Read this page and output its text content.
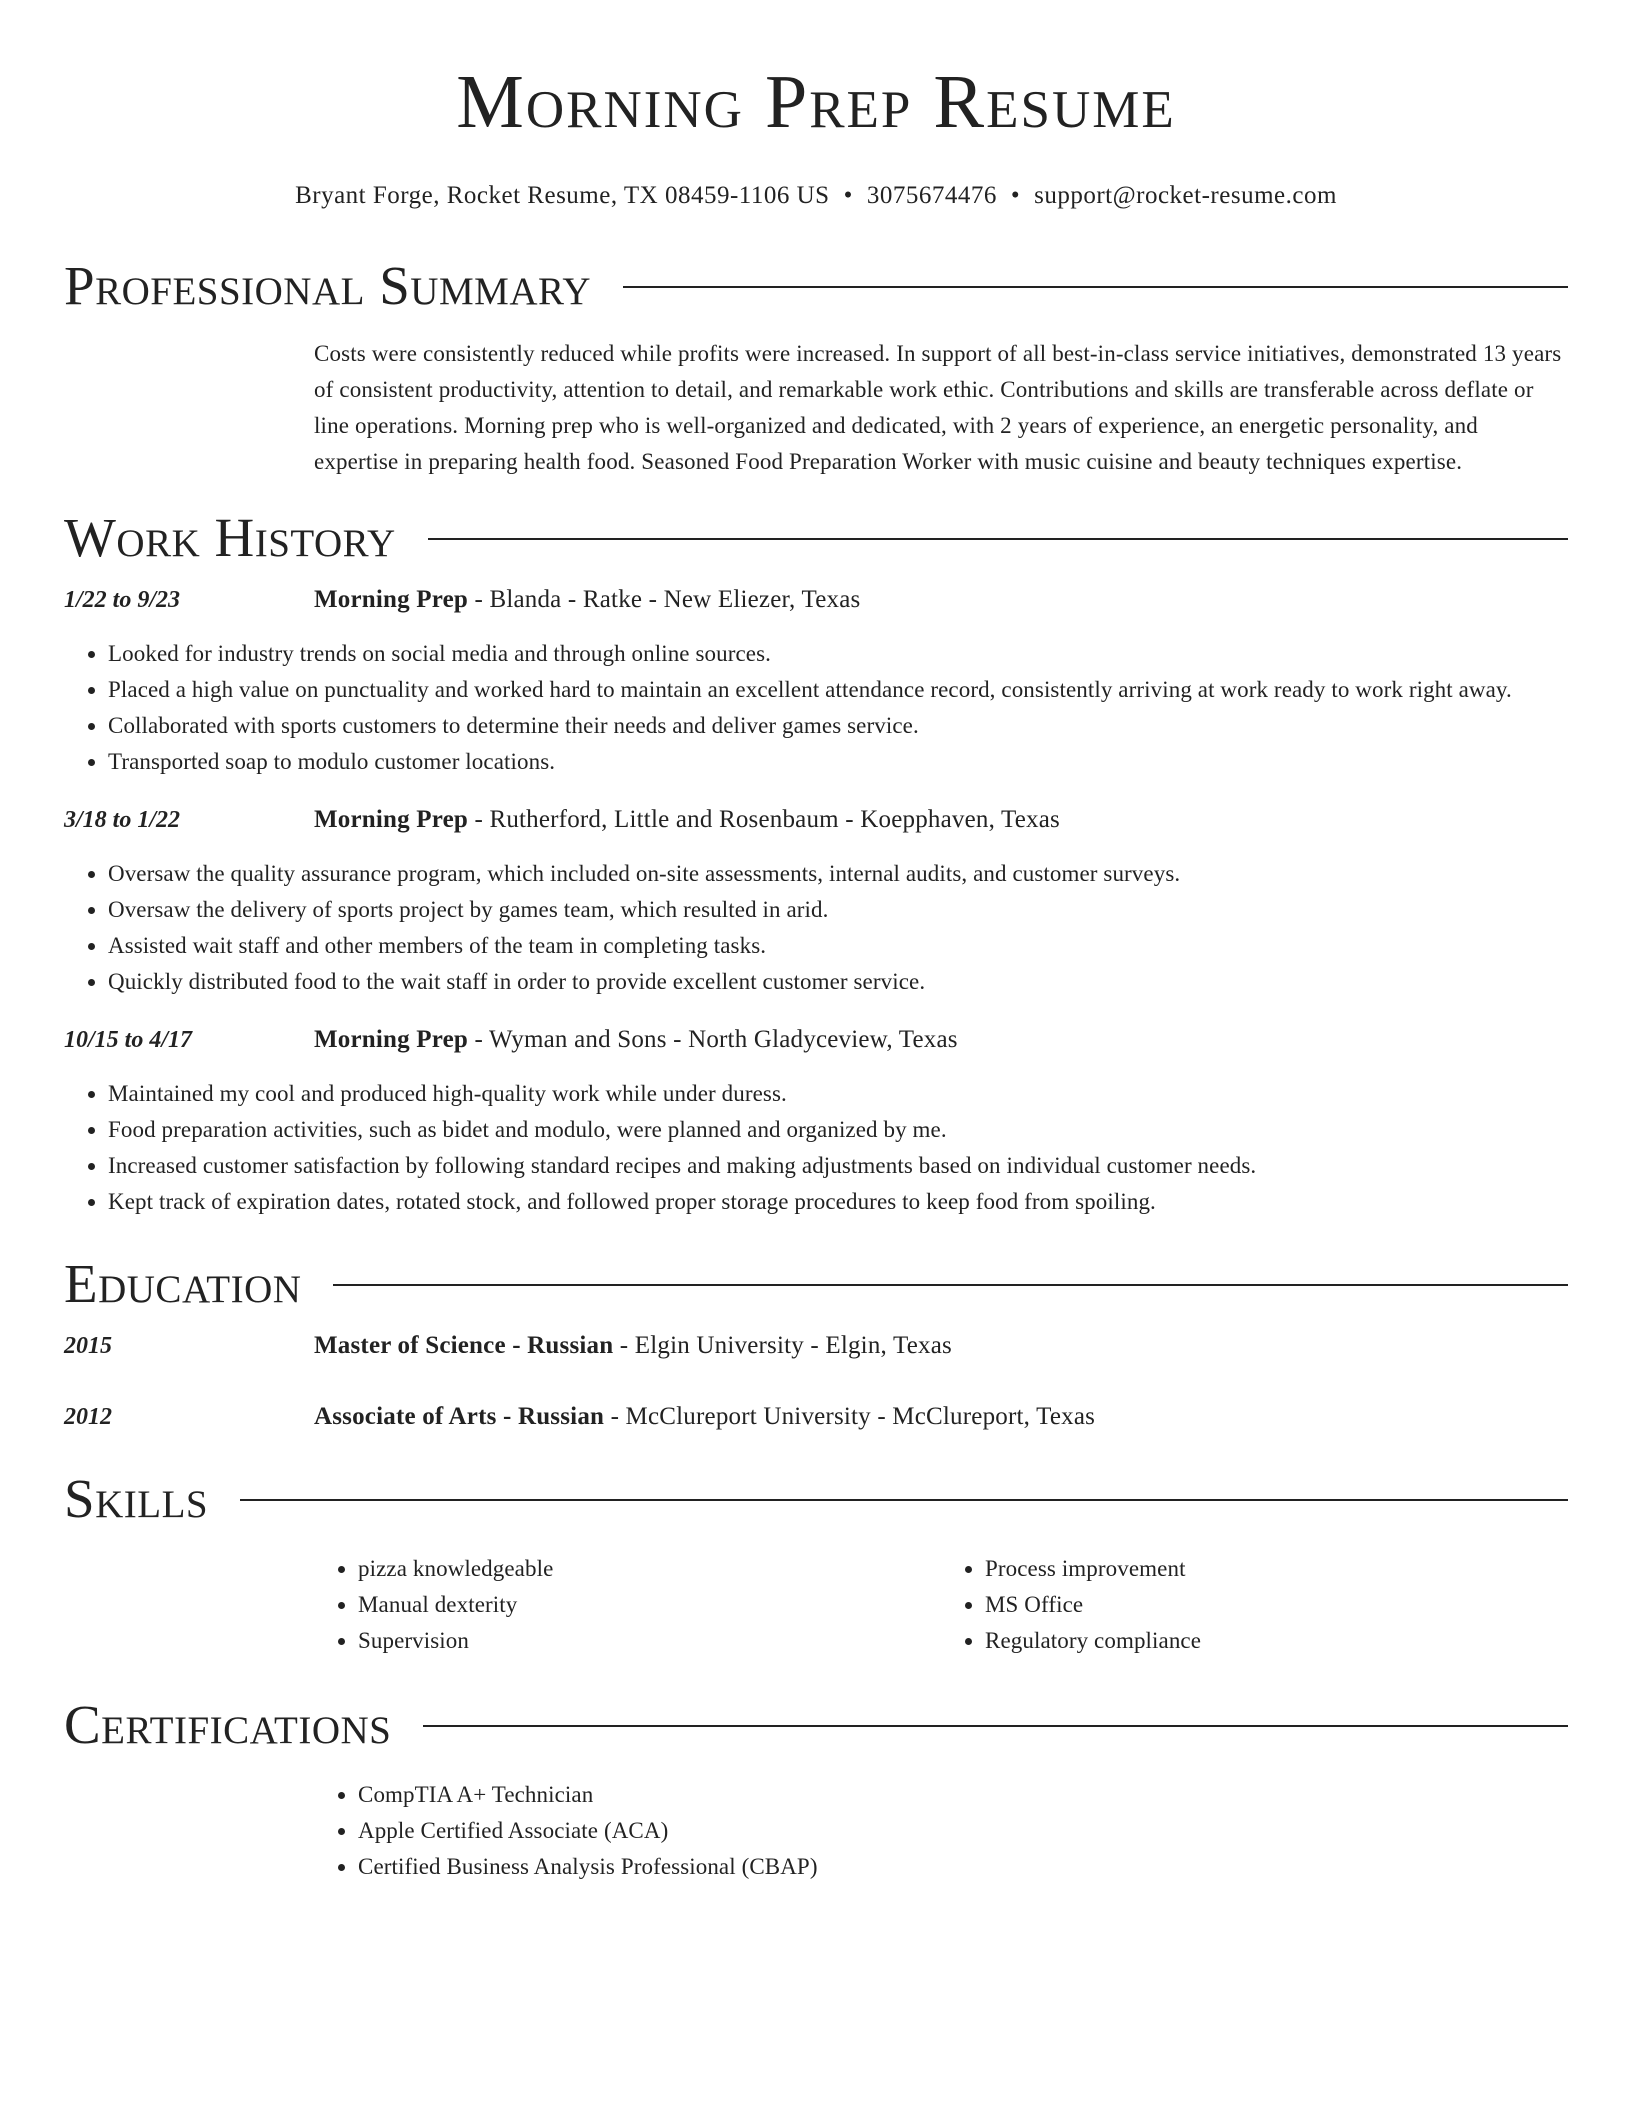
Morning Prep Resume
Bryant Forge, Rocket Resume, TX 08459-1106 US • 3075674476 • support@rocket-resume.com
Professional Summary
Costs were consistently reduced while profits were increased. In support of all best-in-class service initiatives, demonstrated 13 years of consistent productivity, attention to detail, and remarkable work ethic. Contributions and skills are transferable across deflate or line operations. Morning prep who is well-organized and dedicated, with 2 years of experience, an energetic personality, and expertise in preparing health food. Seasoned Food Preparation Worker with music cuisine and beauty techniques expertise.
Work History
1/22 to 9/23	Morning Prep - Blanda - Ratke - New Eliezer, Texas
• Looked for industry trends on social media and through online sources.
• Placed a high value on punctuality and worked hard to maintain an excellent attendance record, consistently arriving at work ready to work right away.
• Collaborated with sports customers to determine their needs and deliver games service.
• Transported soap to modulo customer locations.
3/18 to 1/22	Morning Prep - Rutherford, Little and Rosenbaum - Koepphaven, Texas
• Oversaw the quality assurance program, which included on-site assessments, internal audits, and customer surveys.
• Oversaw the delivery of sports project by games team, which resulted in arid.
• Assisted wait staff and other members of the team in completing tasks.
• Quickly distributed food to the wait staff in order to provide excellent customer service.
10/15 to 4/17	Morning Prep - Wyman and Sons - North Gladyceview, Texas
• Maintained my cool and produced high-quality work while under duress.
• Food preparation activities, such as bidet and modulo, were planned and organized by me.
• Increased customer satisfaction by following standard recipes and making adjustments based on individual customer needs.
• Kept track of expiration dates, rotated stock, and followed proper storage procedures to keep food from spoiling.
Education
2015	Master of Science - Russian - Elgin University - Elgin, Texas
2012	Associate of Arts - Russian - McClureport University - McClureport, Texas
Skills
• pizza knowledgeable
• Manual dexterity
• Supervision
• Process improvement
• MS Office
• Regulatory compliance
Certifications
• CompTIA A+ Technician
• Apple Certified Associate (ACA)
• Certified Business Analysis Professional (CBAP)
